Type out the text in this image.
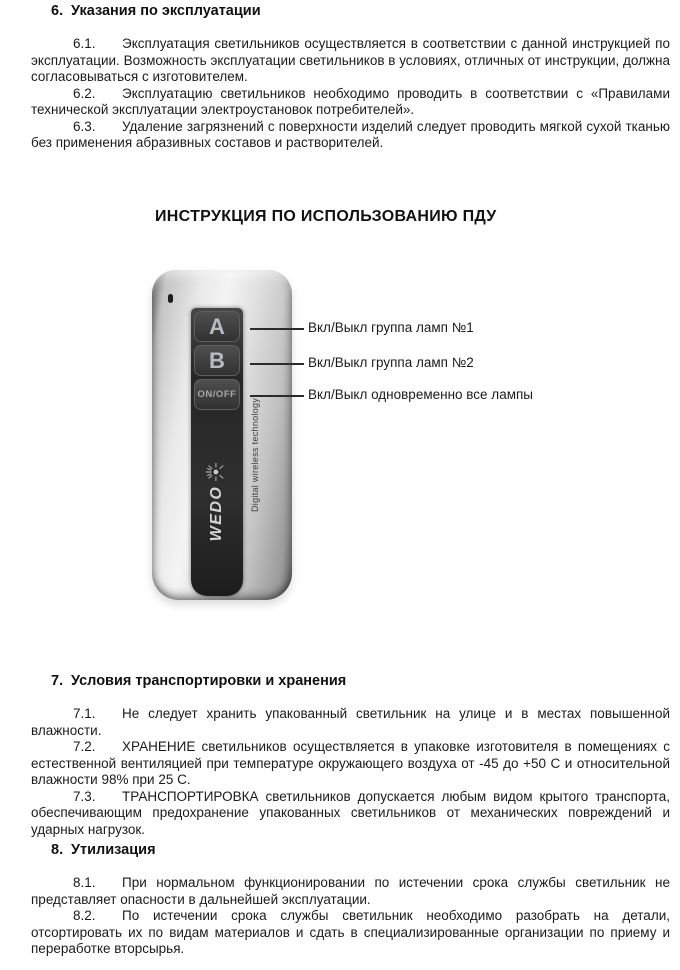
6. Указания по эксплуатации

6.1. Эксплуатация светильников осуществляется в соответствии с данной инструкцией по эксплуатации. Возможность эксплуатации светильников в условиях, отличных от инструкции, должна согласовываться с изготовителем.

6.2. Эксплуатацию светильников необходимо проводить в соответствии с «Правилами технической эксплуатации электроустановок потребителей».

6.3. Удаление загрязнений с поверхности изделий следует проводить мягкой сухой тканью без применения абразивных составов и растворителей.

ИНСТРУКЦИЯ ПО ИСПОЛЬЗОВАНИЮ ПДУ
A
B
ON/OFF
WEDO
Digital wireless technology
Вкл/Выкл группа ламп №1
Вкл/Выкл группа ламп №2
Вкл/Выкл одновременно все лампы
7. Условия транспортировки и хранения

7.1. Не следует хранить упакованный светильник на улице и в местах повышенной влажности.

7.2. ХРАНЕНИЕ светильников осуществляется в упаковке изготовителя в помещениях с естественной вентиляцией при температуре окружающего воздуха от -45 до +50 С и относительной влажности 98% при 25 С.

7.3. ТРАНСПОРТИРОВКА светильников допускается любым видом крытого транспорта, обеспечивающим предохранение упакованных светильников от механических повреждений и ударных нагрузок.

8. Утилизация

8.1. При нормальном функционировании по истечении срока службы светильник не представляет опасности в дальнейшей эксплуатации.

8.2. По истечении срока службы светильник необходимо разобрать на детали, отсортировать их по видам материалов и сдать в специализированные организации по приему и переработке вторсырья.
